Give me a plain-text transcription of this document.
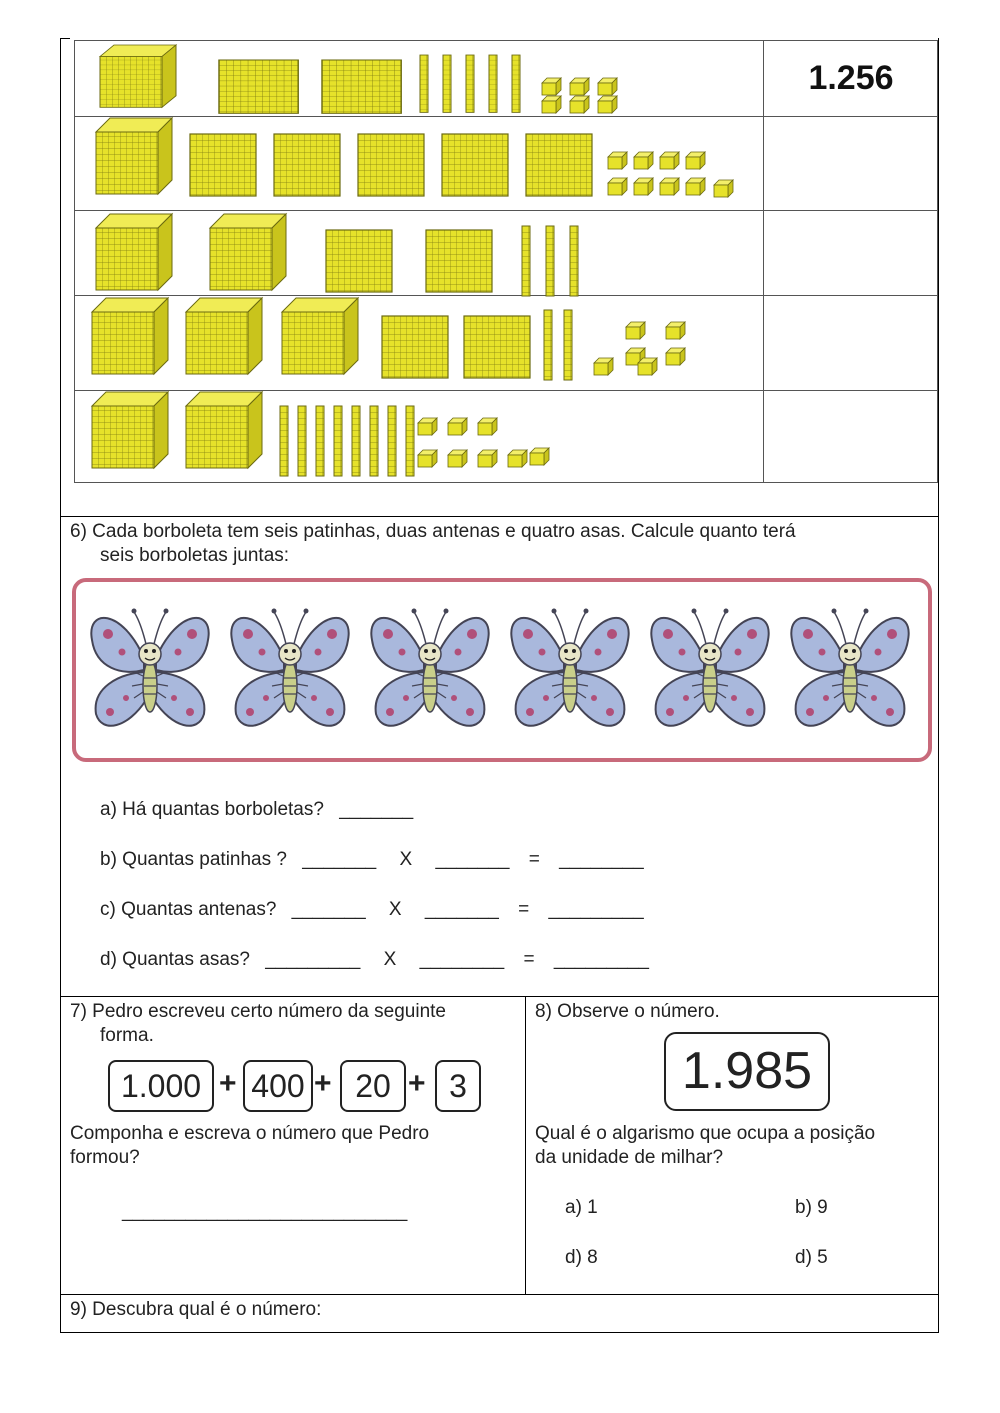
1.256
6) Cada borboleta tem seis patinhas, duas antenas e quatro asas. Calcule quanto terá
seis borboletas juntas:
a) Há quantas borboletas? _______
b) Quantas patinhas ? _______ X _______ = ________
c) Quantas antenas? _______ X _______ = _________
d) Quantas asas? _________ X ________ = _________
7) Pedro escreveu certo número da seguinte
forma.
1.000 + 400 + 20 + 3
Componha e escreva o número que Pedro
formou?
___________________________
8) Observe o número.
1.985
Qual é o algarismo que ocupa a posição
da unidade de milhar?
a) 1	b) 9
d) 8	d) 5
9) Descubra qual é o número:
